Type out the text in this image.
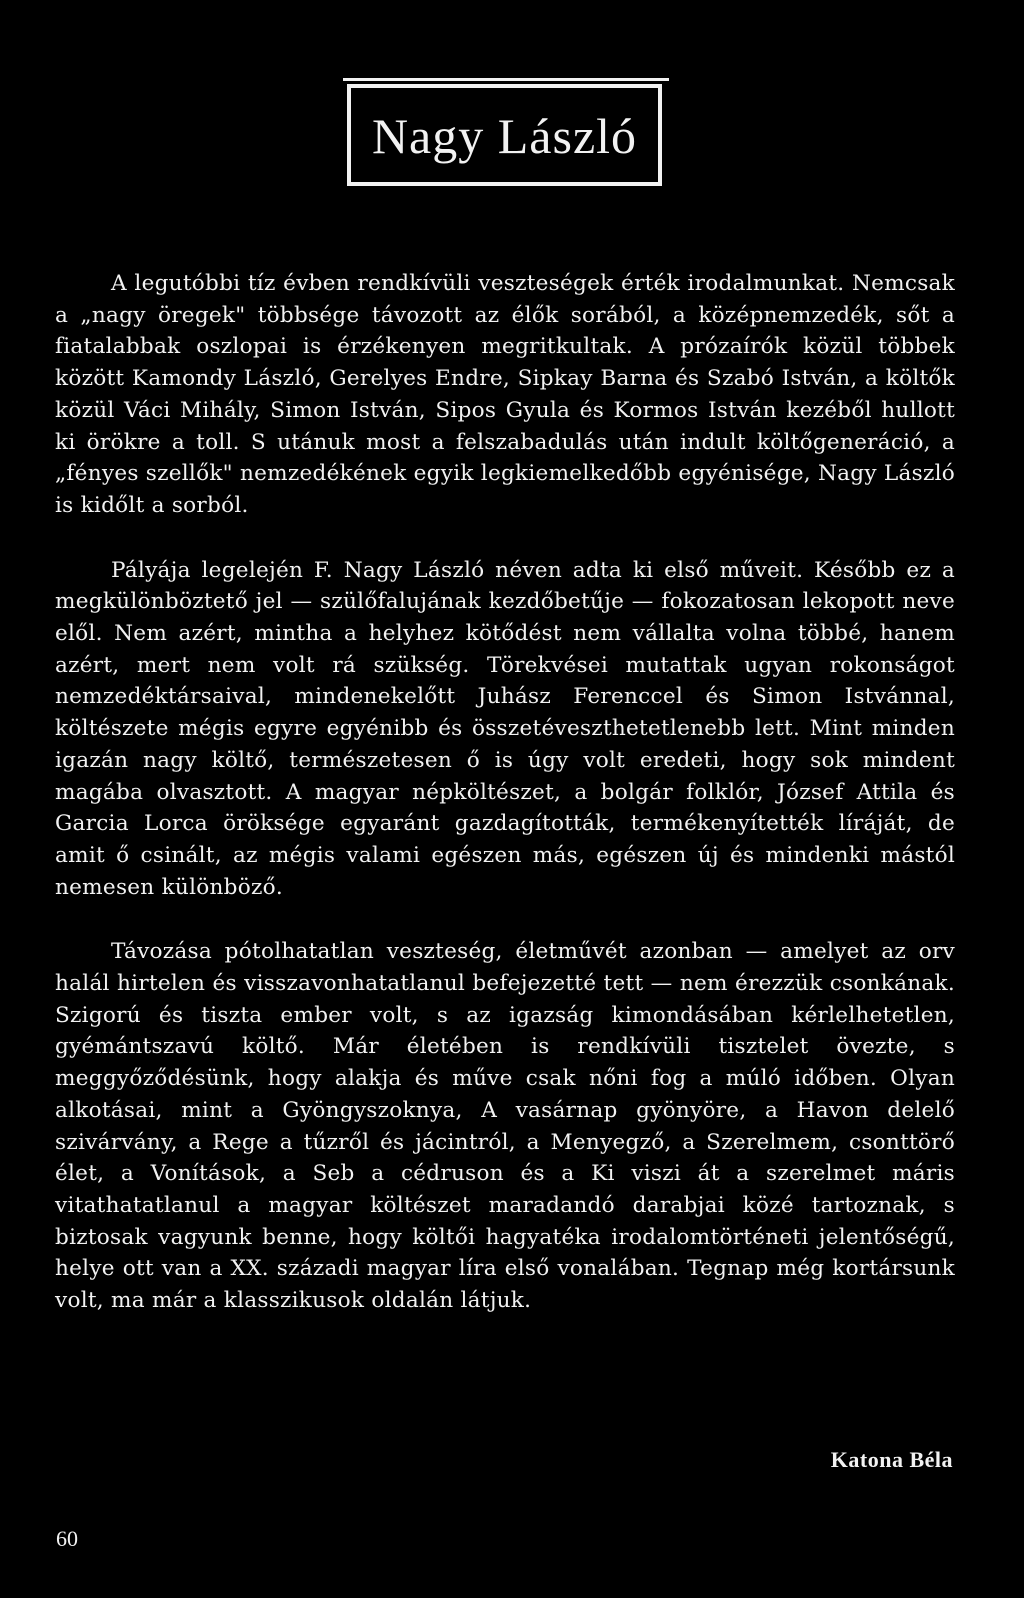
Nagy László

A legutóbbi tíz évben rendkívüli veszteségek érték irodalmunkat. Nemcsak a „nagy öregek" többsége távozott az élők sorából, a középnemzedék, sőt a fiatalabbak oszlopai is érzékenyen megritkultak. A prózaírók közül többek között Kamondy László, Gerelyes Endre, Sipkay Barna és Szabó István, a költők közül Váci Mihály, Simon István, Sipos Gyula és Kormos István kezéből hullott ki örökre a toll. S utánuk most a felszabadulás után indult költőgeneráció, a „fényes szellők" nemzedékének egyik legkiemelkedőbb egyénisége, Nagy László is kidőlt a sorból.

Pályája legelején F. Nagy László néven adta ki első műveit. Később ez a megkülönböztető jel — szülőfalujának kezdőbetűje — fokozatosan lekopott neve elől. Nem azért, mintha a helyhez kötődést nem vállalta volna többé, hanem azért, mert nem volt rá szükség. Törekvései mutattak ugyan rokonságot nemzedéktársaival, mindenekelőtt Juhász Ferenccel és Simon Istvánnal, költészete mégis egyre egyénibb és összetéveszthetetlenebb lett. Mint minden igazán nagy költő, természetesen ő is úgy volt eredeti, hogy sok mindent magába olvasztott. A magyar népköltészet, a bolgár folklór, József Attila és Garcia Lorca öröksége egyaránt gazdagították, termékenyítették líráját, de amit ő csinált, az mégis valami egészen más, egészen új és mindenki mástól nemesen különböző.

Távozása pótolhatatlan veszteség, életművét azonban — amelyet az orv halál hirtelen és visszavonhatatlanul befejezetté tett — nem érezzük csonkának. Szigorú és tiszta ember volt, s az igazság kimondásában kérlelhetetlen, gyémántszavú költő. Már életében is rendkívüli tisztelet övezte, s meggyőződésünk, hogy alakja és műve csak nőni fog a múló időben. Olyan alkotásai, mint a Gyöngyszoknya, A vasárnap gyönyöre, a Havon delelő szivárvány, a Rege a tűzről és jácintról, a Menyegző, a Szerelmem, csonttörő élet, a Vonítások, a Seb a cédruson és a Ki viszi át a szerelmet máris vitathatatlanul a magyar költészet maradandó darabjai közé tartoznak, s biztosak vagyunk benne, hogy költői hagyatéka irodalomtörténeti jelentőségű, helye ott van a XX. századi magyar líra első vonalában. Tegnap még kortársunk volt, ma már a klasszikusok oldalán látjuk.

Katona Béla
60
